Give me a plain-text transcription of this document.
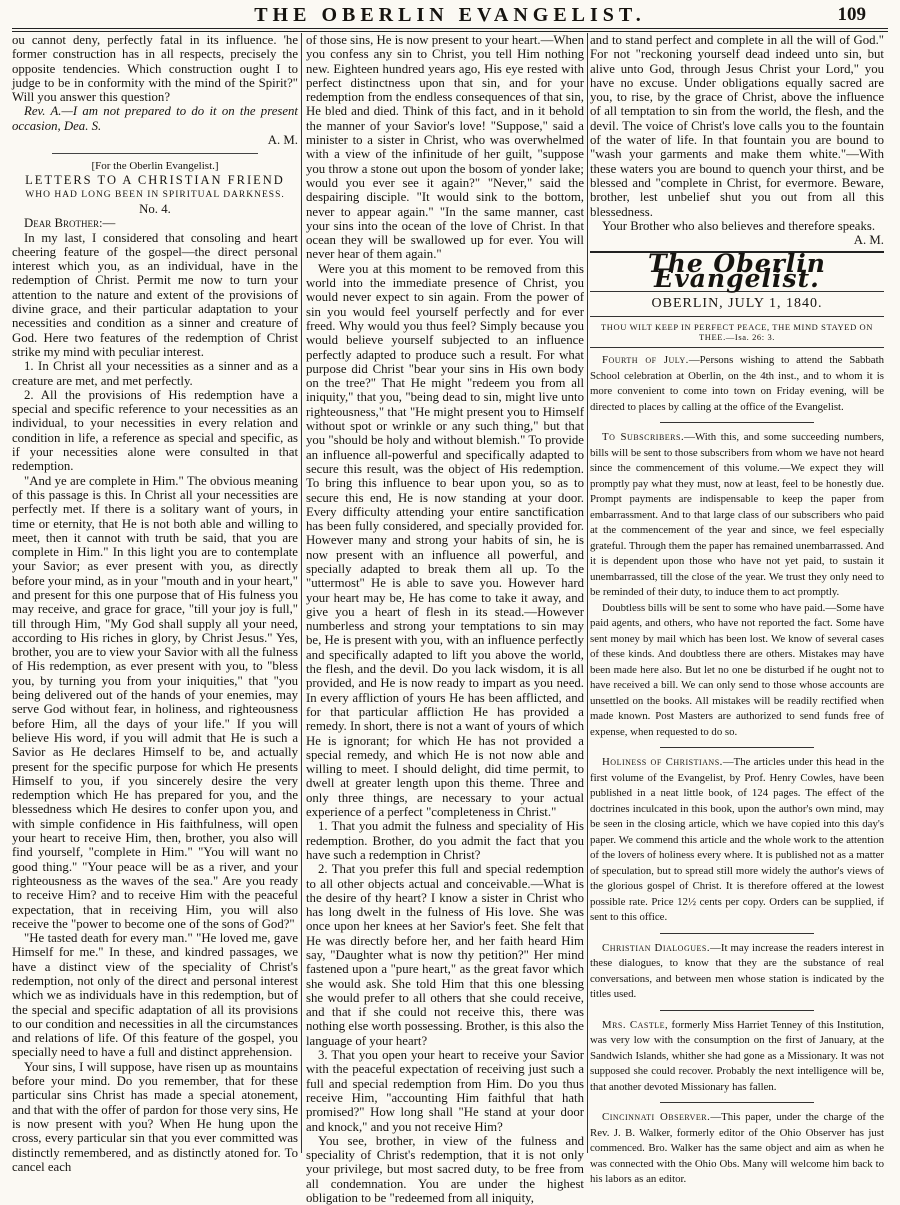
THE OBERLIN EVANGELIST.	109

ou cannot deny, perfectly fatal in its influence. 'he former construction has in all respects, precisely the opposite tendencies. Which construction ought I to judge to be in conformity with the mind of the Spirit?" Will you answer this question?

Rev. A.—I am not prepared to do it on the present occasion, Dea. S.

A. M.

[For the Oberlin Evangelist.]

LETTERS TO A CHRISTIAN FRIEND
WHO HAD LONG BEEN IN SPIRITUAL DARKNESS.
No. 4.

Dear Brother:—

In my last, I considered that consoling and heart cheering feature of the gospel—the direct personal interest which you, as an individual, have in the redemption of Christ. Permit me now to turn your attention to the nature and extent of the provisions of divine grace, and their particular adaptation to your necessities and condition as a sinner and creature of God. Here two features of the redemption of Christ strike my mind with peculiar interest.

1. In Christ all your necessities as a sinner and as a creature are met, and met perfectly.

2. All the provisions of His redemption have a special and specific reference to your necessities as an individual, to your necessities in every relation and condition in life, a reference as special and specific, as if your necessities alone were consulted in that redemption.

"And ye are complete in Him." The obvious meaning of this passage is this. In Christ all your necessities are perfectly met. If there is a solitary want of yours, in time or eternity, that He is not both able and willing to meet, then it cannot with truth be said, that you are complete in Him." In this light you are to contemplate your Savior; as ever present with you, as directly before your mind, as in your "mouth and in your heart," and present for this one purpose that of His fulness you may receive, and grace for grace, "till your joy is full," till through Him, "My God shall supply all your need, according to His riches in glory, by Christ Jesus." Yes, brother, you are to view your Savior with all the fulness of His redemption, as ever present with you, to "bless you, by turning you from your iniquities," that "you being delivered out of the hands of your enemies, may serve God without fear, in holiness, and righteousness before Him, all the days of your life." If you will believe His word, if you will admit that He is such a Savior as He declares Himself to be, and actually present for the specific purpose for which He presents Himself to you, if you sincerely desire the very redemption which He has prepared for you, and the blessedness which He desires to confer upon you, and with simple confidence in His faithfulness, will open your heart to receive Him, then, brother, you also will find yourself, "complete in Him." "You will want no good thing." "Your peace will be as a river, and your righteousness as the waves of the sea." Are you ready to receive Him? and to receive Him with the peaceful expectation, that in receiving Him, you will also receive the "power to become one of the sons of God?"

"He tasted death for every man." "He loved me, gave Himself for me." In these, and kindred passages, we have a distinct view of the speciality of Christ's redemption, not only of the direct and personal interest which we as individuals have in this redemption, but of the special and specific adaptation of all its provisions to our condition and necessities in all the circumstances and relations of life. Of this feature of the gospel, you specially need to have a full and distinct apprehension.

Your sins, I will suppose, have risen up as mountains before your mind. Do you remember, that for these particular sins Christ has made a special atonement, and that with the offer of pardon for those very sins, He is now present with you? When He hung upon the cross, every particular sin that you ever committed was distinctly remembered, and as distinctly atoned for. To cancel each

of those sins, He is now present to your heart.—When you confess any sin to Christ, you tell Him nothing new. Eighteen hundred years ago, His eye rested with perfect distinctness upon that sin, and for your redemption from the endless consequences of that sin, He bled and died. Think of this fact, and in it behold the manner of your Savior's love! "Suppose," said a minister to a sister in Christ, who was overwhelmed with a view of the infinitude of her guilt, "suppose you throw a stone out upon the bosom of yonder lake; would you ever see it again?" "Never," said the despairing disciple. "It would sink to the bottom, never to appear again." "In the same manner, cast your sins into the ocean of the love of Christ. In that ocean they will be swallowed up for ever. You will never hear of them again."

Were you at this moment to be removed from this world into the immediate presence of Christ, you would never expect to sin again. From the power of sin you would feel yourself perfectly and for ever freed. Why would you thus feel? Simply because you would believe yourself subjected to an influence perfectly adapted to produce such a result. For what purpose did Christ "bear your sins in His own body on the tree?" That He might "redeem you from all iniquity," that you, "being dead to sin, might live unto righteousness," that "He might present you to Himself without spot or wrinkle or any such thing," but that you "should be holy and without blemish." To provide an influence all-powerful and specifically adapted to secure this result, was the object of His redemption. To bring this influence to bear upon you, so as to secure this end, He is now standing at your door. Every difficulty attending your entire sanctification has been fully considered, and specially provided for. However many and strong your habits of sin, he is now present with an influence all powerful, and specially adapted to break them all up. To the "uttermost" He is able to save you. However hard your heart may be, He has come to take it away, and give you a heart of flesh in its stead.—However numberless and strong your temptations to sin may be, He is present with you, with an influence perfectly and specifically adapted to lift you above the world, the flesh, and the devil. Do you lack wisdom, it is all provided, and He is now ready to impart as you need. In every affliction of yours He has been afflicted, and for that particular affliction He has provided a remedy. In short, there is not a want of yours of which He is ignorant; for which He has not provided a special remedy, and which He is not now able and willing to meet. I should delight, did time permit, to dwell at greater length upon this theme. Three and only three things, are necessary to your actual experience of a perfect "completeness in Christ."

1. That you admit the fulness and speciality of His redemption. Brother, do you admit the fact that you have such a redemption in Christ?

2. That you prefer this full and special redemption to all other objects actual and conceivable.—What is the desire of thy heart? I know a sister in Christ who has long dwelt in the fulness of His love. She was once upon her knees at her Savior's feet. She felt that He was directly before her, and her faith heard Him say, "Daughter what is now thy petition?" Her mind fastened upon a "pure heart," as the great favor which she would ask. She told Him that this one blessing she would prefer to all others that she could receive, and that if she could not receive this, there was nothing else worth possessing. Brother, is this also the language of your heart?

3. That you open your heart to receive your Savior with the peaceful expectation of receiving just such a full and special redemption from Him. Do you thus receive Him, "accounting Him faithful that hath promised?" How long shall "He stand at your door and knock," and you not receive Him?

You see, brother, in view of the fulness and speciality of Christ's redemption, that it is not only your privilege, but most sacred duty, to be free from all condemnation. You are under the highest obligation to be "redeemed from all iniquity,

and to stand perfect and complete in all the will of God." For not "reckoning yourself dead indeed unto sin, but alive unto God, through Jesus Christ your Lord," you have no excuse. Under obligations equally sacred are you, to rise, by the grace of Christ, above the influence of all temptation to sin from the world, the flesh, and the devil. The voice of Christ's love calls you to the fountain of the water of life. In that fountain you are bound to "wash your garments and make them white."—With these waters you are bound to quench your thirst, and be blessed and "complete in Christ, for evermore. Beware, brother, lest unbelief shut you out from all this blessedness.

Your Brother who also believes and therefore speaks.

A. M.
The Oberlin Evangelist.
OBERLIN, JULY 1, 1840.
THOU WILT KEEP IN PERFECT PEACE, THE MIND STAYED ON THEE.—Isa. 26: 3.

Fourth of July.—Persons wishing to attend the Sabbath School celebration at Oberlin, on the 4th inst., and to whom it is more convenient to come into town on Friday evening, will be directed to places by calling at the office of the Evangelist.

To Subscribers.—With this, and some succeeding numbers, bills will be sent to those subscribers from whom we have not heard since the commencement of this volume.—We expect they will promptly pay what they must, now at least, feel to be honestly due. Prompt payments are indispensable to keep the paper from embarrassment. And to that large class of our subscribers who paid at the commencement of the year and since, we feel especially grateful. Through them the paper has remained unembarrassed. And it is dependent upon those who have not yet paid, to sustain it unembarrassed, till the close of the year. We trust they only need to be reminded of their duty, to induce them to act promptly.

Doubtless bills will be sent to some who have paid.—Some have paid agents, and others, who have not reported the fact. Some have sent money by mail which has been lost. We know of several cases of these kinds. And doubtless there are others. Mistakes may have been made here also. But let no one be disturbed if he ought not to have received a bill. We can only send to those whose accounts are unsettled on the books. All mistakes will be readily rectified when made known. Post Masters are authorized to send funds free of expense, when requested to do so.

Holiness of Christians.—The articles under this head in the first volume of the Evangelist, by Prof. Henry Cowles, have been published in a neat little book, of 124 pages. The effect of the doctrines inculcated in this book, upon the author's own mind, may be seen in the closing article, which we have copied into this day's paper. We commend this article and the whole work to the attention of the lovers of holiness every where. It is published not as a matter of speculation, but to spread still more widely the author's views of the glorious gospel of Christ. It is therefore offered at the lowest possible rate. Price 12½ cents per copy. Orders can be supplied, if sent to this office.

Christian Dialogues.—It may increase the readers interest in these dialogues, to know that they are the substance of real conversations, and between men whose station is indicated by the titles used.

Mrs. Castle, formerly Miss Harriet Tenney of this Institution, was very low with the consumption on the first of January, at the Sandwich Islands, whither she had gone as a Missionary. It was not supposed she could recover. Probably the next intelligence will be, that another devoted Missionary has fallen.

Cincinnati Observer.—This paper, under the charge of the Rev. J. B. Walker, formerly editor of the Ohio Observer has just commenced. Bro. Walker has the same object and aim as when he was connected with the Ohio Obs. Many will welcome him back to his labors as an editor.
